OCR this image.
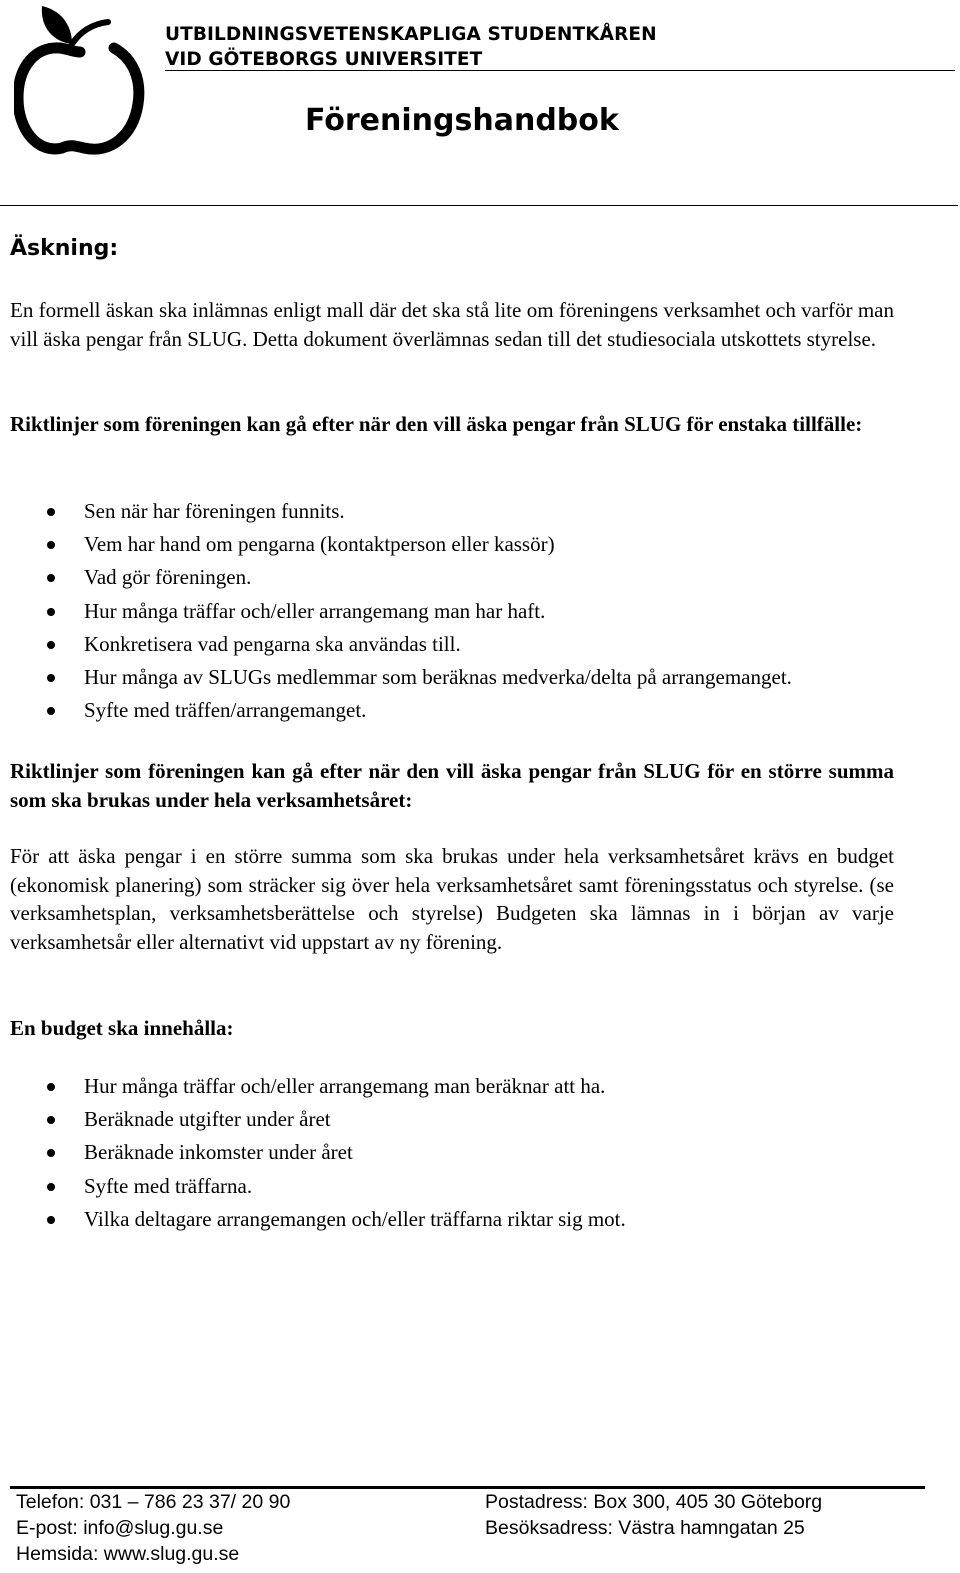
UTBILDNINGSVETENSKAPLIGA STUDENTKÅREN
VID GÖTEBORGS UNIVERSITET
Föreningshandbok
Äskning:

En formell äskan ska inlämnas enligt mall där det ska stå lite om föreningens verksamhet och varför man vill äska pengar från SLUG. Detta dokument överlämnas sedan till det studiesociala utskottets styrelse.

Riktlinjer som föreningen kan gå efter när den vill äska pengar från SLUG för enstaka tillfälle:

Sen när har föreningen funnits.
Vem har hand om pengarna (kontaktperson eller kassör)
Vad gör föreningen.
Hur många träffar och/eller arrangemang man har haft.
Konkretisera vad pengarna ska användas till.
Hur många av SLUGs medlemmar som beräknas medverka/delta på arrangemanget.
Syfte med träffen/arrangemanget.

Riktlinjer som föreningen kan gå efter när den vill äska pengar från SLUG för en större summa som ska brukas under hela verksamhetsåret:

För att äska pengar i en större summa som ska brukas under hela verksamhetsåret krävs en budget (ekonomisk planering) som sträcker sig över hela verksamhetsåret samt föreningsstatus och styrelse. (se verksamhetsplan, verksamhetsberättelse och styrelse) Budgeten ska lämnas in i början av varje verksamhetsår eller alternativt vid uppstart av ny förening.

En budget ska innehålla:

Hur många träffar och/eller arrangemang man beräknar att ha.
Beräknade utgifter under året
Beräknade inkomster under året
Syfte med träffarna.
Vilka deltagare arrangemangen och/eller träffarna riktar sig mot.
Telefon: 031 – 786 23 37/ 20 90
E-post: info@slug.gu.se
Hemsida: www.slug.gu.se
Postadress: Box 300, 405 30 Göteborg
Besöksadress: Västra hamngatan 25
